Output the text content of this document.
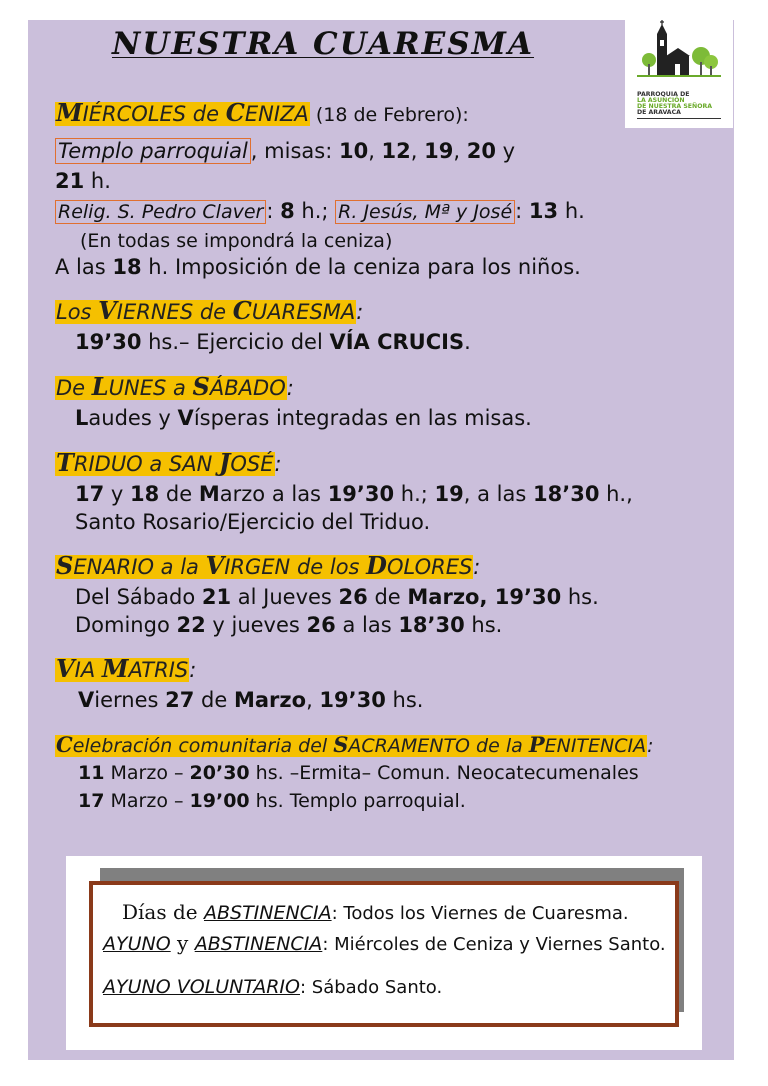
NUESTRA CUARESMA
PARROQUIA DE
LA ASUNCIÓN
DE NUESTRA SEÑORA
DE ARAVACA
MIÉRCOLES de CENIZA (18 de Febrero):
Templo parroquial , misas: 10, 12, 19, 20 y
21 h.
Relig. S. Pedro Claver : 8 h.; R. Jesús, Mª y José : 13 h.
(En todas se impondrá la ceniza)
A las 18 h. Imposición de la ceniza para los niños.
Los VIERNES de CUARESMA:
19’30 hs.– Ejercicio del VÍA CRUCIS.
De LUNES a SÁBADO:
Laudes y Vísperas integradas en las misas.
TRIDUO a SAN JOSÉ:
17 y 18 de Marzo a las 19’30 h.; 19, a las 18’30 h.,
Santo Rosario/Ejercicio del Triduo.
SENARIO a la VIRGEN de los DOLORES:
Del Sábado 21 al Jueves 26 de Marzo, 19’30 hs.
Domingo 22 y jueves 26 a las 18’30 hs.
VIA MATRIS:
Viernes 27 de Marzo, 19’30 hs.
Celebración comunitaria del SACRAMENTO de la PENITENCIA:
11 Marzo – 20’30 hs. –Ermita– Comun. Neocatecumenales
17 Marzo – 19’00 hs. Templo parroquial.
Días de ABSTINENCIA: Todos los Viernes de Cuaresma.
AYUNO y ABSTINENCIA: Miércoles de Ceniza y Viernes Santo.
AYUNO VOLUNTARIO: Sábado Santo.
